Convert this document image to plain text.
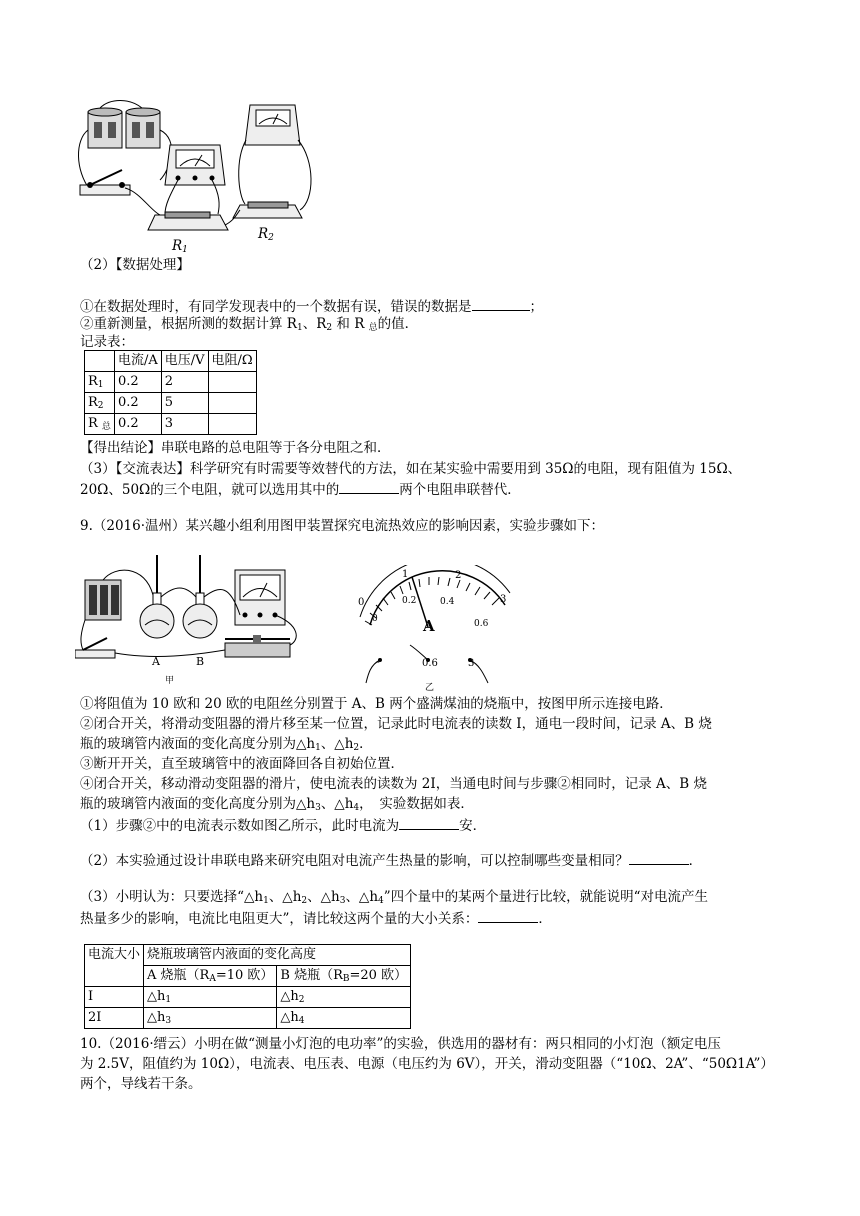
$R_1$
$R_2$
（2）【数据处理】
①在数据处理时，有同学发现表中的一个数据有误，错误的数据是	；
②重新测量，根据所测的数据计算 $R_1$、$R_2$ 和 R $_总$的值．
记录表：
	电流/A	电压/V	电阻/Ω
$R_1$	0.2	2	
$R_2$	0.2	5	
R $_总$	0.2	3	
【得出结论】串联电路的总电阻等于各分电阻之和．
（3）【交流表达】科学研究有时需要等效替代的方法，如在某实验中需要用到 35Ω的电阻，现有阻值为 15Ω、
20Ω、50Ω的三个电阻，就可以选用其中的	两个电阻串联替代．
9.（2016·温州）某兴趣小组利用图甲装置探究电流热效应的影响因素，实验步骤如下：
A	B
甲
0
1	2
3
0
0.2	0.4
0.6
A
-	0.6	3
乙
①将阻值为 10 欧和 20 欧的电阻丝分别置于 A、B 两个盛满煤油的烧瓶中，按图甲所示连接电路．
②闭合开关，将滑动变阻器的滑片移至某一位置，记录此时电流表的读数 I，通电一段时间，记录 A、B 烧
瓶的玻璃管内液面的变化高度分别为$\triangle h_1$、$\triangle h_2$．
③断开开关，直至玻璃管中的液面降回各自初始位置．
④闭合开关，移动滑动变阻器的滑片，使电流表的读数为 2I，当通电时间与步骤②相同时，记录 A、B 烧
瓶的玻璃管内液面的变化高度分别为$\triangle h_3$、$\triangle h_4$，　实验数据如表．
（1）步骤②中的电流表示数如图乙所示，此时电流为	安．
（2）本实验通过设计串联电路来研究电阻对电流产生热量的影响，可以控制哪些变量相同？	．
（3）小明认为：只要选择“$\triangle h_1$、$\triangle h_2$、$\triangle h_3$、$\triangle h_4$”四个量中的某两个量进行比较，就能说明“对电流产生
热量多少的影响，电流比电阻更大”，请比较这两个量的大小关系：	．
电流大小	烧瓶玻璃管内液面的变化高度	
	A 烧瓶（$R_A=10$ 欧）	B 烧瓶（$R_B=20$ 欧）
I	$\triangle h_1$	$\triangle h_2$
2I	$\triangle h_3$	$\triangle h_4$
10.（2016·缙云）小明在做“测量小灯泡的电功率”的实验，供选用的器材有：两只相同的小灯泡（额定电压
为 2.5V，阻值约为 10Ω），电流表、电压表、电源（电压约为 6V），开关，滑动变阻器（“10Ω、2A”、“50Ω1A”）
两个，导线若干条。
